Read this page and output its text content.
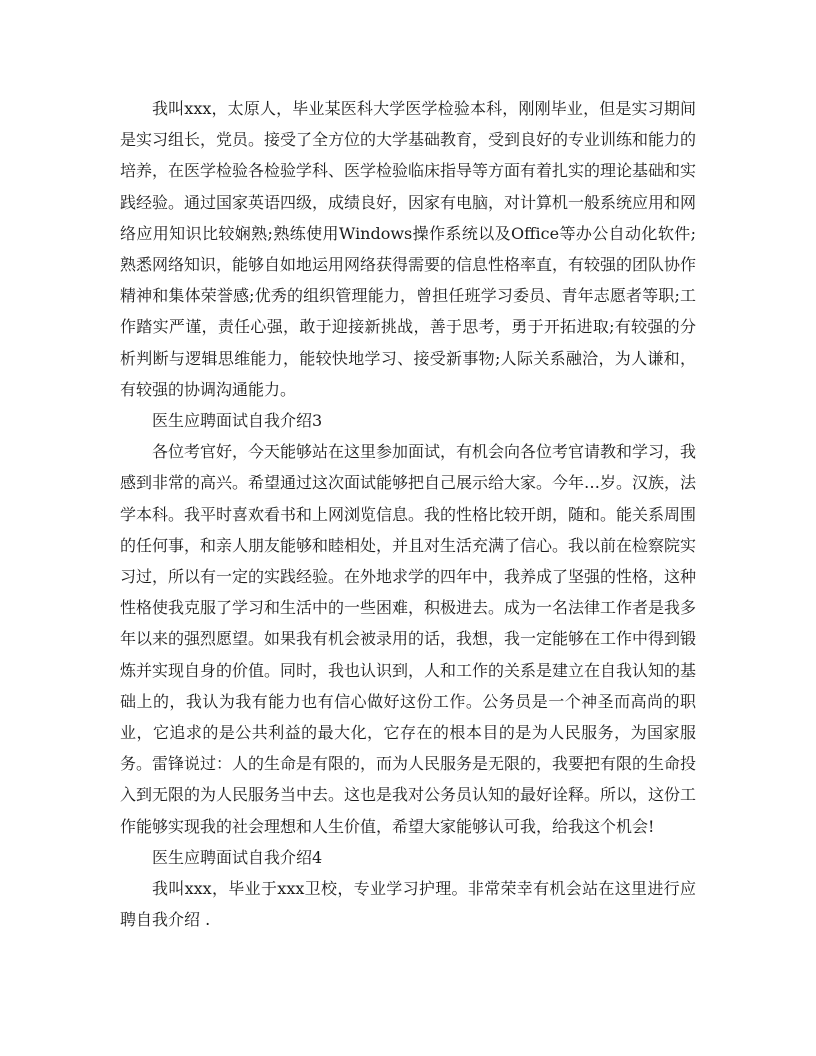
我叫xxx，太原人，毕业某医科大学医学检验本科，刚刚毕业，但是实习期间是实习组长，党员。接受了全方位的大学基础教育，受到良好的专业训练和能力的培养，在医学检验各检验学科、医学检验临床指导等方面有着扎实的理论基础和实践经验。通过国家英语四级，成绩良好，因家有电脑，对计算机一般系统应用和网络应用知识比较娴熟;熟练使用Windows操作系统以及Office等办公自动化软件;熟悉网络知识，能够自如地运用网络获得需要的信息性格率直，有较强的团队协作精神和集体荣誉感;优秀的组织管理能力，曾担任班学习委员、青年志愿者等职;工作踏实严谨，责任心强，敢于迎接新挑战，善于思考，勇于开拓进取;有较强的分析判断与逻辑思维能力，能较快地学习、接受新事物;人际关系融洽，为人谦和，有较强的协调沟通能力。

医生应聘面试自我介绍3

各位考官好，今天能够站在这里参加面试，有机会向各位考官请教和学习，我感到非常的高兴。希望通过这次面试能够把自己展示给大家。今年…岁。汉族，法学本科。我平时喜欢看书和上网浏览信息。我的性格比较开朗，随和。能关系周围的任何事，和亲人朋友能够和睦相处，并且对生活充满了信心。我以前在检察院实习过，所以有一定的实践经验。在外地求学的四年中，我养成了坚强的性格，这种性格使我克服了学习和生活中的一些困难，积极进去。成为一名法律工作者是我多年以来的强烈愿望。如果我有机会被录用的话，我想，我一定能够在工作中得到锻炼并实现自身的价值。同时，我也认识到，人和工作的关系是建立在自我认知的基础上的，我认为我有能力也有信心做好这份工作。公务员是一个神圣而高尚的职业，它追求的是公共利益的最大化，它存在的根本目的是为人民服务，为国家服务。雷锋说过：人的生命是有限的，而为人民服务是无限的，我要把有限的生命投入到无限的为人民服务当中去。这也是我对公务员认知的最好诠释。所以，这份工作能够实现我的社会理想和人生价值，希望大家能够认可我，给我这个机会!

医生应聘面试自我介绍4

我叫xxx，毕业于xxx卫校，专业学习护理。非常荣幸有机会站在这里进行应聘自我介绍 .
